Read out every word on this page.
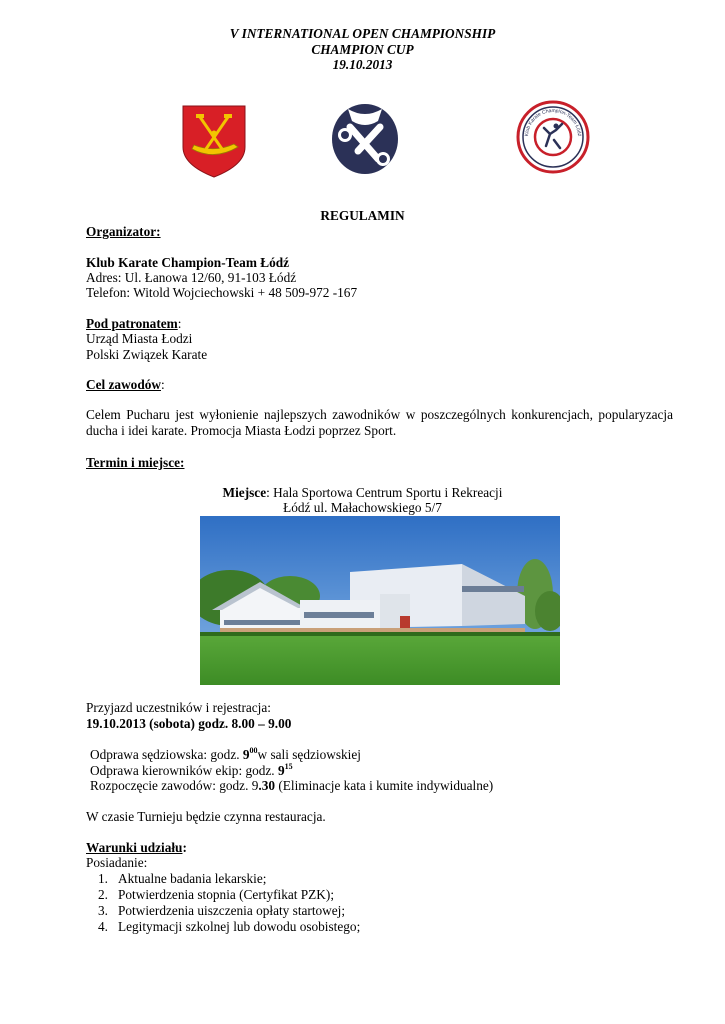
V INTERNATIONAL OPEN CHAMPIONSHIP
CHAMPION CUP
19.10.2013
Klub Karate Champion-Team Łódź
REGULAMIN
Organizator:
Klub Karate Champion-Team Łódź
Adres: Ul. Łanowa 12/60, 91-103 Łódź
Telefon: Witold Wojciechowski + 48 509-972 -167
Pod patronatem:
Urząd Miasta Łodzi
Polski Związek Karate
Cel zawodów:
Celem Pucharu jest wyłonienie najlepszych zawodników w poszczególnych konkurencjach, popularyzacja ducha i idei karate. Promocja Miasta Łodzi poprzez Sport.
Termin i miejsce:
Miejsce: Hala Sportowa Centrum Sportu i Rekreacji
Łódź ul. Małachowskiego 5/7
Przyjazd uczestników i rejestracja:
19.10.2013 (sobota) godz. 8.00 – 9.00
Odprawa sędziowska: godz. $9^{00}w$ sali sędziowskiej
Odprawa kierowników ekip: godz. $9^{15}$
Rozpoczęcie zawodów: godz. 9.30 (Eliminacje kata i kumite indywidualne)
W czasie Turnieju będzie czynna restauracja.
Warunki udziału:
Posiadanie:
1. Aktualne badania lekarskie;
2. Potwierdzenia stopnia (Certyfikat PZK);
3. Potwierdzenia uiszczenia opłaty startowej;
4. Legitymacji szkolnej lub dowodu osobistego;
